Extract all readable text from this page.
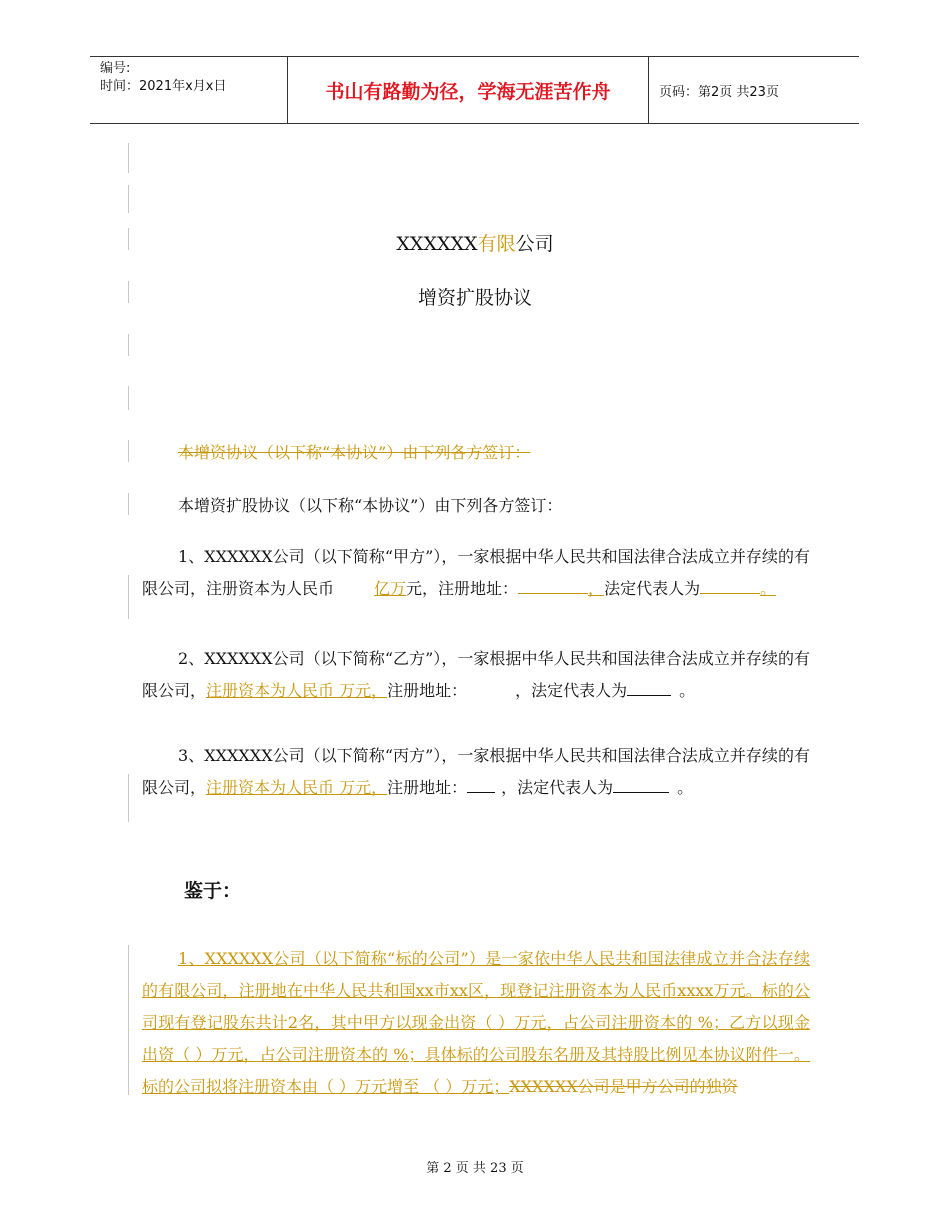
编号:
时间：2021年x月x日	书山有路勤为径，学海无涯苦作舟	页码：第2页 共23页
XXXXXX有限公司
增资扩股协议
本增资协议（以下称“本协议”）由下列各方签订：
本增资扩股协议（以下称“本协议”）由下列各方签订：
1、XXXXXX公司（以下简称“甲方”），一家根据中华人民共和国法律合法成立并存续的有限公司，注册资本为人民币	亿万元，注册地址：	，法定代表人为	。
2、XXXXXX公司（以下简称“乙方”），一家根据中华人民共和国法律合法成立并存续的有限公司，注册资本为人民币 万元，注册地址：	，法定代表人为	。
3、XXXXXX公司（以下简称“丙方”），一家根据中华人民共和国法律合法成立并存续的有限公司，注册资本为人民币 万元，注册地址： ，法定代表人为	。
鉴于：
1、XXXXXX公司（以下简称“标的公司”）是一家依中华人民共和国法律成立并合法存续的有限公司，注册地在中华人民共和国xx市xx区，现登记注册资本为人民币xxxx万元。标的公司现有登记股东共计2名，其中甲方以现金出资（ ）万元，占公司注册资本的 %；乙方以现金出资（ ）万元，占公司注册资本的 %；具体标的公司股东名册及其持股比例见本协议附件一。标的公司拟将注册资本由（ ）万元增至 （ ）万元；XXXXXX公司是甲方公司的独资
第 2 页 共 23 页
